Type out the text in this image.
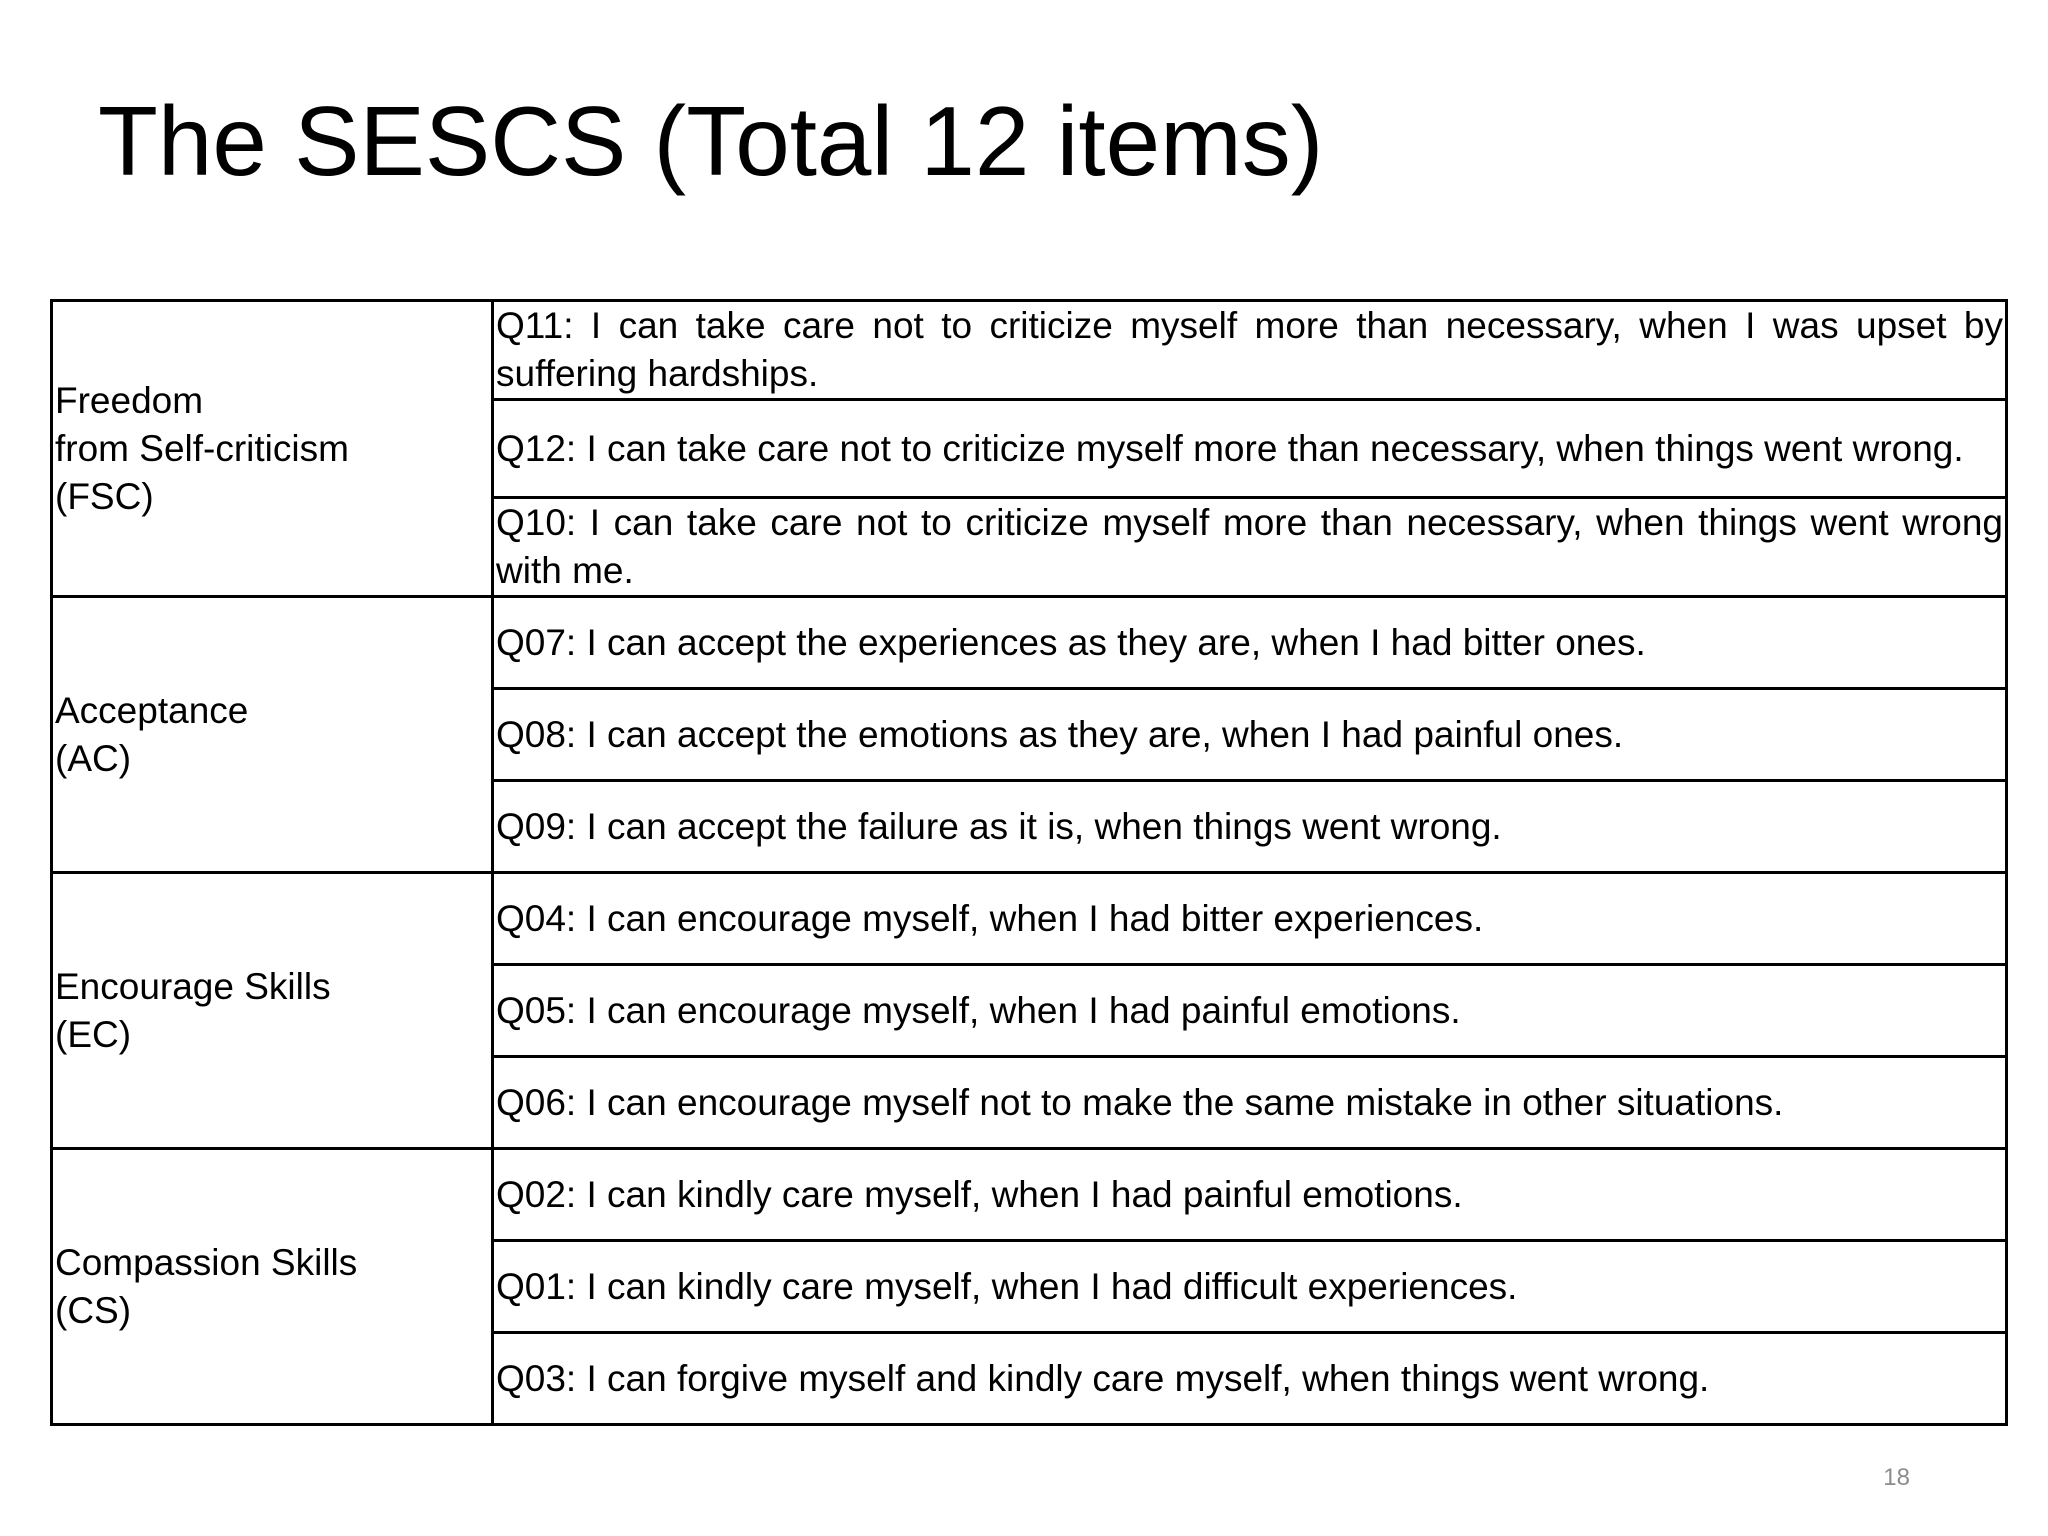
The SESCS (Total 12 items)
Freedom
from Self-criticism
(FSC)	Q11: I can take care not to criticize myself more than necessary, when I was upset by suffering hardships.
	Q12: I can take care not to criticize myself more than necessary, when things went wrong.
	Q10: I can take care not to criticize myself more than necessary, when things went wrong with me.

Acceptance
(AC)	Q07: I can accept the experiences as they are, when I had bitter ones.
	Q08: I can accept the emotions as they are, when I had painful ones.
	Q09: I can accept the failure as it is, when things went wrong.

Encourage Skills
(EC)	Q04: I can encourage myself, when I had bitter experiences.
	Q05: I can encourage myself, when I had painful emotions.
	Q06: I can encourage myself not to make the same mistake in other situations.

Compassion Skills
(CS)	Q02: I can kindly care myself, when I had painful emotions.
	Q01: I can kindly care myself, when I had difficult experiences.
	Q03: I can forgive myself and kindly care myself, when things went wrong.
18
